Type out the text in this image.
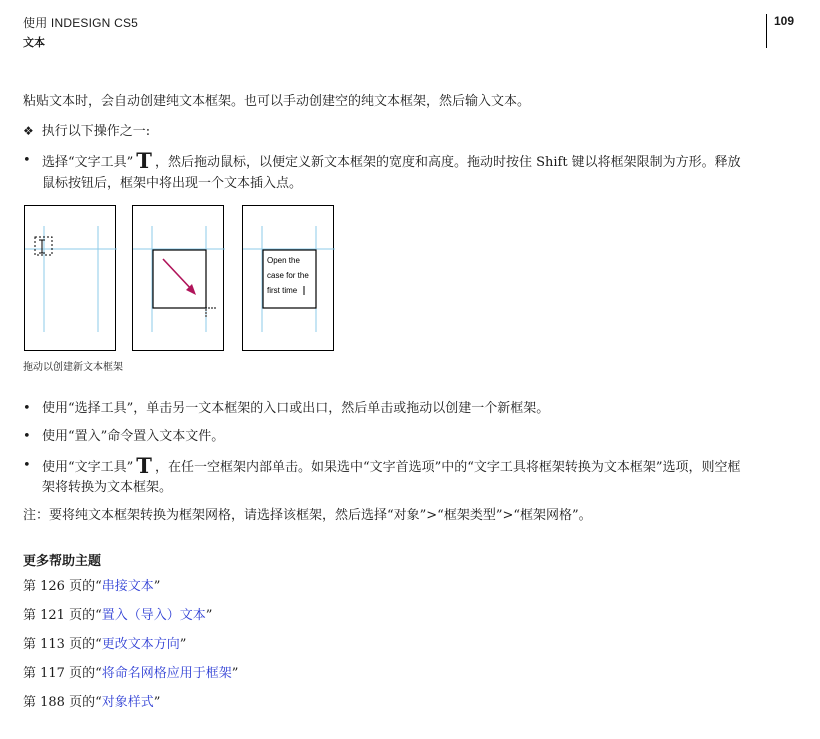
使用 INDESIGN CS5
文本
109
粘贴文本时，会自动创建纯文本框架。也可以手动创建空的纯文本框架，然后输入文本。
❖ 执行以下操作之一:
• 选择“文字工具” T ，然后拖动鼠标，以便定义新文本框架的宽度和高度。拖动时按住 Shift 键以将框架限制为方形。释放
鼠标按钮后，框架中将出现一个文本插入点。
Open the
case for the
first time
拖动以创建新文本框架
• 使用“选择工具”，单击另一文本框架的入口或出口，然后单击或拖动以创建一个新框架。
• 使用“置入”命令置入文本文件。
• 使用“文字工具” T ，在任一空框架内部单击。如果选中“文字首选项”中的“文字工具将框架转换为文本框架”选项，则空框
架将转换为文本框架。
注：要将纯文本框架转换为框架网格，请选择该框架，然后选择“对象”>“框架类型”>“框架网格”。
更多帮助主题
第 126 页的“串接文本”
第 121 页的“置入（导入）文本”
第 113 页的“更改文本方向”
第 117 页的“将命名网格应用于框架”
第 188 页的“对象样式”
